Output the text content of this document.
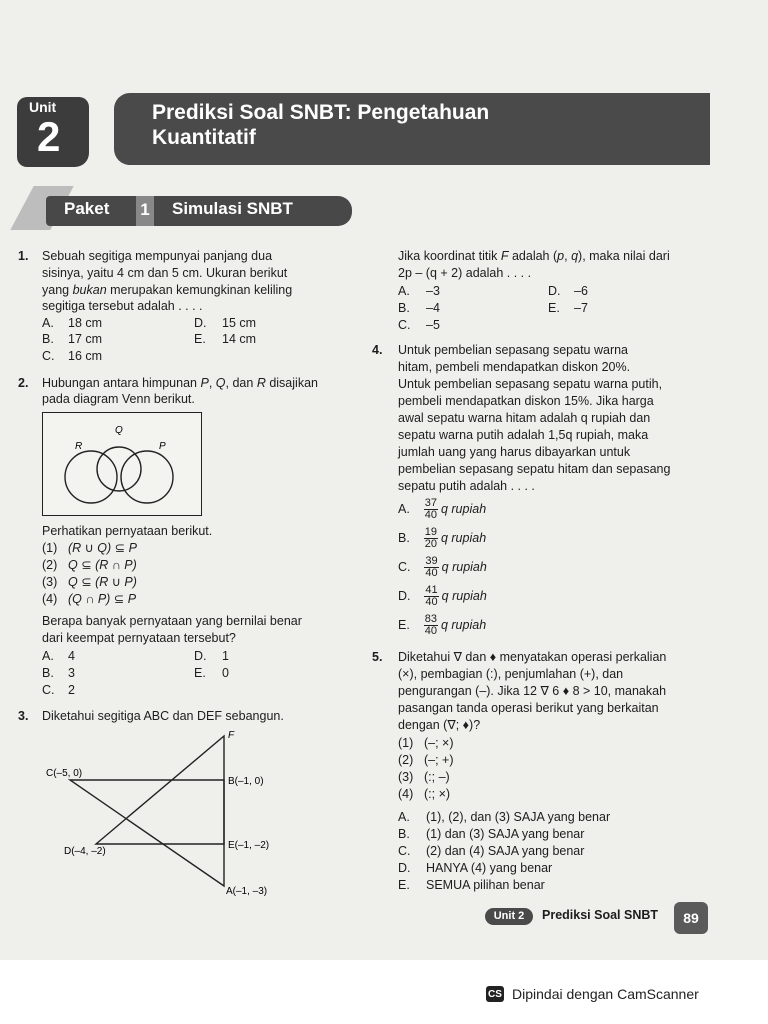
Unit
2
Prediksi Soal SNBT: Pengetahuan
Kuantitatif
Paket 1 Simulasi SNBT
1. Sebuah segitiga mempunyai panjang dua
sisinya, yaitu 4 cm dan 5 cm. Ukuran berikut
yang bukan merupakan kemungkinan keliling
segitiga tersebut adalah . . . .
A. 18 cm	D. 15 cm
B. 17 cm	E. 14 cm
C. 16 cm
2. Hubungan antara himpunan P, Q, dan R disajikan
pada diagram Venn berikut.
Q
R	P
Perhatikan pernyataan berikut.
(1) (R ∪ Q) ⊆ P
(2) Q ⊆ (R ∩ P)
(3) Q ⊆ (R ∪ P)
(4) (Q ∩ P) ⊆ P
Berapa banyak pernyataan yang bernilai benar
dari keempat pernyataan tersebut?
A. 4	D. 1
B. 3	E. 0
C. 2
3. Diketahui segitiga ABC dan DEF sebangun.
F
C(–5, 0)
B(–1, 0)
D(–4, –2)
E(–1, –2)
A(–1, –3)
Jika koordinat titik F adalah (p, q), maka nilai dari
2p – (q + 2) adalah . . . .
A. –3	D. –6
B. –4	E. –7
C. –5
4. Untuk pembelian sepasang sepatu warna
hitam, pembeli mendapatkan diskon 20%.
Untuk pembelian sepasang sepatu warna putih,
pembeli mendapatkan diskon 15%. Jika harga
awal sepatu warna hitam adalah q rupiah dan
sepatu warna putih adalah 1,5q rupiah, maka
jumlah uang yang harus dibayarkan untuk
pembelian sepasang sepatu hitam dan sepasang
sepatu putih adalah . . . .
A. $\frac{37}{40}$ q rupiah
B. $\frac{19}{20}$ q rupiah
C. $\frac{39}{40}$ q rupiah
D. $\frac{41}{40}$ q rupiah
E. $\frac{83}{40}$ q rupiah
5. Diketahui ∇ dan ♦ menyatakan operasi perkalian
(×), pembagian (:), penjumlahan (+), dan
pengurangan (–). Jika 12 ∇ 6 ♦ 8 > 10, manakah
pasangan tanda operasi berikut yang berkaitan
dengan (∇; ♦)?
(1) (–; ×)
(2) (–; +)
(3) (:; –)
(4) (:; ×)
A. (1), (2), dan (3) SAJA yang benar
B. (1) dan (3) SAJA yang benar
C. (2) dan (4) SAJA yang benar
D. HANYA (4) yang benar
E. SEMUA pilihan benar
Unit 2	Prediksi Soal SNBT	89
CS Dipindai dengan CamScanner
